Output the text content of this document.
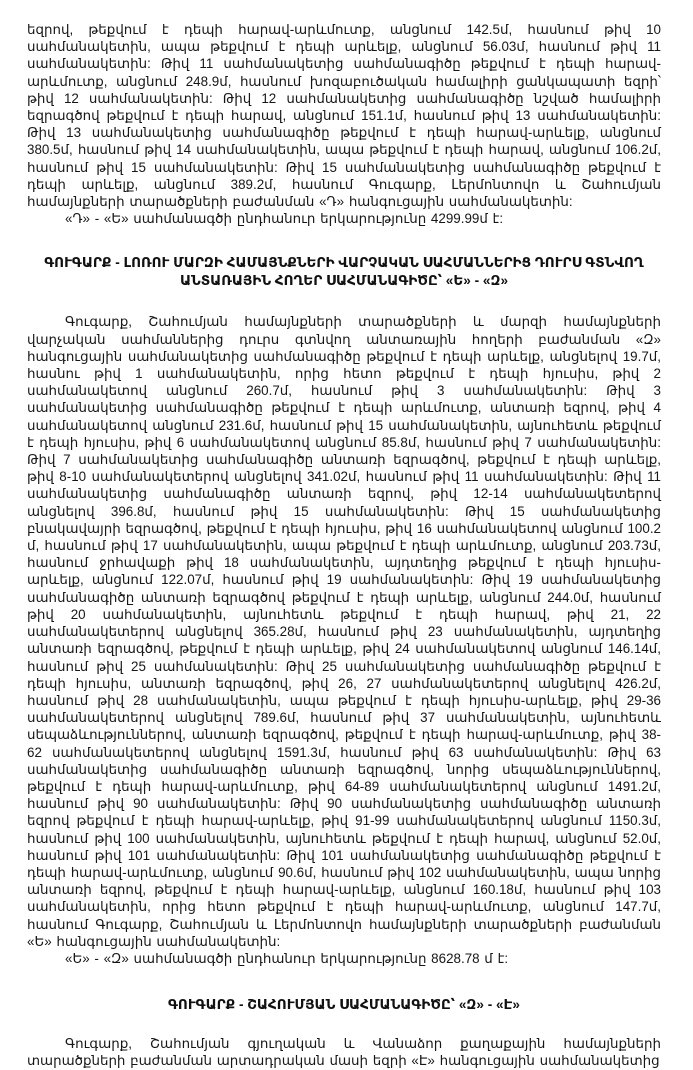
եզրով, թեքվում է դեպի հարավ-արևմուտք, անցնում 142.5մ, հասնում թիվ 10 սահմանակետին, ապա թեքվում է դեպի արևելք, անցնում 56.03մ, հասնում թիվ 11 սահմանակետին: Թիվ 11 սահմանակետից սահմանագիծը թեքվում է դեպի հարավ-արևմուտք, անցնում 248.9մ, հասնում խոզաբուծական համալիրի ցանկապատի եզրի՝ թիվ 12 սահմանակետին: Թիվ 12 սահմանակետից սահմանագիծը նշված համալիրի եզրագծով թեքվում է դեպի հարավ, անցնում 151.1մ, հասնում թիվ 13 սահմանակետին: Թիվ 13 սահմանակետից սահմանագիծը թեքվում է դեպի հարավ-արևելք, անցնում 380.5մ, հասնում թիվ 14 սահմանակետին, ապա թեքվում է դեպի հարավ, անցնում 106.2մ, հասնում թիվ 15 սահմանակետին: Թիվ 15 սահմանակետից սահմանագիծը թեքվում է դեպի արևելք, անցնում 389.2մ, հասնում Գուգարք, Լերմոնտովո և Շահումյան համայնքների տարածքների բաժանման «Դ» հանգուցային սահմանակետին:

«Դ» - «Ե» սահմանագծի ընդհանուր երկարությունը 4299.99մ է:

ԳՈՒԳԱՐՔ - ԼՈՌՈՒ ՄԱՐԶԻ ՀԱՄԱՅՆՔՆԵՐԻ ՎԱՐՉԱԿԱՆ ՍԱՀՄԱՆՆԵՐԻՑ ԴՈՒՐՍ ԳՏՆՎՈՂ ԱՆՏԱՌԱՅԻՆ ՀՈՂԵՐ ՍԱՀՄԱՆԱԳԻԾԸ՝ «Ե» - «Զ»

Գուգարք, Շահումյան համայնքների տարածքների և մարզի համայնքների վարչական սահմաններից դուրս գտնվող անտառային հողերի բաժանման «Զ» հանգուցային սահմանակետից սահմանագիծը թեքվում է դեպի արևելք, անցնելով 19.7մ, հասնու թիվ 1 սահմանակետին, որից հետո թեքվում է դեպի հյուսիս, թիվ 2 սահմանակետով անցնում 260.7մ, հասնում թիվ 3 սահմանակետին: Թիվ 3 սահմանակետից սահմանագիծը թեքվում է դեպի արևմուտք, անտառի եզրով, թիվ 4 սահմանակետով անցնում 231.6մ, հասնում թիվ 15 սահմանակետին, այնուհետև թեքվում է դեպի հյուսիս, թիվ 6 սահմանակետով անցնում 85.8մ, հասնում թիվ 7 սահմանակետին: Թիվ 7 սահմանակետից սահմանագիծը անտառի եզրագծով, թեքվում է դեպի արևելք, թիվ 8-10 սահմանակետերով անցնելով 341.02մ, հասնում թիվ 11 սահմանակետին: Թիվ 11 սահմանակետից սահմանագիծը անտառի եզրով, թիվ 12-14 սահմանակետերով անցնելով 396.8մ, հասնում թիվ 15 սահմանակետին: Թիվ 15 սահմանակետից բնակավայրի եզրագծով, թեքվում է դեպի հյուսիս, թիվ 16 սահմանակետով անցնում 100.2 մ, հասնում թիվ 17 սահմանակետին, ապա թեքվում է դեպի արևմուտք, անցնում 203.73մ, հասնում ջրհավաքի թիվ 18 սահմանակետին, այդտեղից թեքվում է դեպի հյուսիս-արևելք, անցնում 122.07մ, հասնում թիվ 19 սահմանակետին: Թիվ 19 սահմանակետից սահմանագիծը անտառի եզրագծով թեքվում է դեպի արևելք, անցնում 244.0մ, հասնում թիվ 20 սահմանակետին, այնուհետև թեքվում է դեպի հարավ, թիվ 21, 22 սահմանակետերով անցնելով 365.28մ, հասնում թիվ 23 սահմանակետին, այդտեղից անտառի եզրագծով, թեքվում է դեպի արևելք, թիվ 24 սահմանակետով անցնում 146.14մ, հասնում թիվ 25 սահմանակետին: Թիվ 25 սահմանակետից սահմանագիծը թեքվում է դեպի հյուսիս, անտառի եզրագծով, թիվ 26, 27 սահմանակետերով անցնելով 426.2մ, հասնում թիվ 28 սահմանակետին, ապա թեքվում է դեպի հյուսիս-արևելք, թիվ 29-36 սահմանակետերով անցնելով 789.6մ, հասնում թիվ 37 սահմանակետին, այնուհետև սեպաձևություններով, անտառի եզրագծով, թեքվում է դեպի հարավ-արևմուտք, թիվ 38-62 սահմանակետերով անցնելով 1591.3մ, հասնում թիվ 63 սահմանակետին: Թիվ 63 սահմանակետից սահմանագիծը անտառի եզրագծով, նորից սեպաձևություններով, թեքվում է դեպի հարավ-արևմուտք, թիվ 64-89 սահմանակետերով անցնում 1491.2մ, հասնում թիվ 90 սահմանակետին: Թիվ 90 սահմանակետից սահմանագիծը անտառի եզրով թեքվում է դեպի հարավ-արևելք, թիվ 91-99 սահմանակետերով անցնում 1150.3մ, հասնում թիվ 100 սահմանակետին, այնուհետև թեքվում է դեպի հարավ, անցնում 52.0մ, հասնում թիվ 101 սահմանակետին: Թիվ 101 սահմանակետից սահմանագիծը թեքվում է դեպի հարավ-արևմուտք, անցնում 90.6մ, հասնում թիվ 102 սահմանակետին, ապա նորից անտառի եզրով, թեքվում է դեպի հարավ-արևելք, անցնում 160.18մ, հասնում թիվ 103 սահմանակետին, որից հետո թեքվում է դեպի հարավ-արևմուտք, անցնում 147.7մ, հասնում Գուգարք, Շահումյան և Լերմոնտովո համայնքների տարածքների բաժանման «Ե» հանգուցային սահմանակետին:

«Ե» - «Զ» սահմանագծի ընդհանուր երկարությունը 8628.78 մ է:

ԳՈՒԳԱՐՔ - ՇԱՀՈՒՄՅԱՆ ՍԱՀՄԱՆԱԳԻԾԸ՝ «Զ» - «Է»

Գուգարք, Շահումյան գյուղական և Վանաձոր քաղաքային համայնքների տարածքների բաժանման արտադրական մասի եզրի «Է» հանգուցային սահմանակետից
